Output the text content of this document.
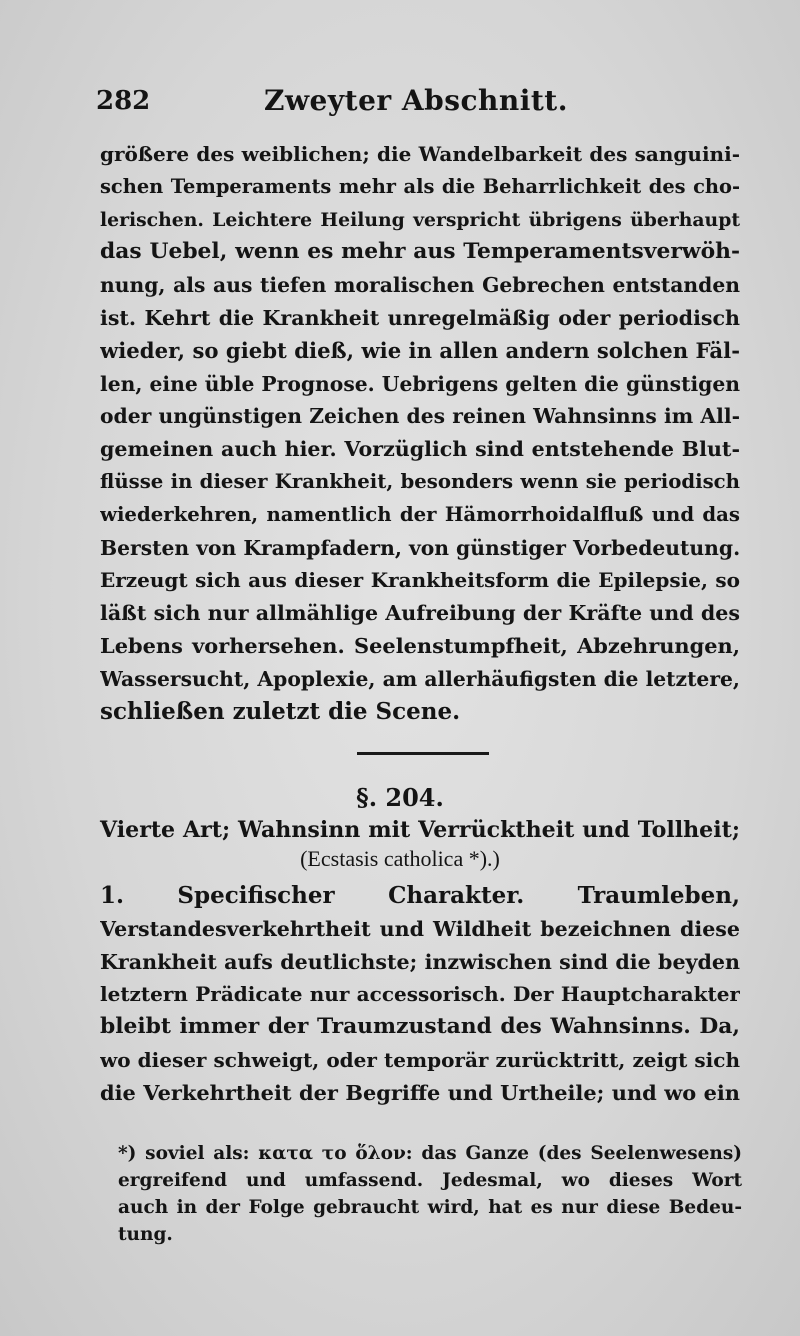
282	Zweyter Abschnitt.
größere des weiblichen; die Wandelbarkeit des sanguini-
schen Temperaments mehr als die Beharrlichkeit des cho-
lerischen. Leichtere Heilung verspricht übrigens überhaupt
das Uebel, wenn es mehr aus Temperamentsverwöh-
nung, als aus tiefen moralischen Gebrechen entstanden
ist. Kehrt die Krankheit unregelmäßig oder periodisch
wieder, so giebt dieß, wie in allen andern solchen Fäl-
len, eine üble Prognose. Uebrigens gelten die günstigen
oder ungünstigen Zeichen des reinen Wahnsinns im All-
gemeinen auch hier. Vorzüglich sind entstehende Blut-
flüsse in dieser Krankheit, besonders wenn sie periodisch
wiederkehren, namentlich der Hämorrhoidalfluß und das
Bersten von Krampfadern, von günstiger Vorbedeutung.
Erzeugt sich aus dieser Krankheitsform die Epilepsie, so
läßt sich nur allmählige Aufreibung der Kräfte und des
Lebens vorhersehen. Seelenstumpfheit, Abzehrungen,
Wassersucht, Apoplexie, am allerhäufigsten die letztere,
schließen zuletzt die Scene.
§. 204.
Vierte Art; Wahnsinn mit Verrücktheit und Tollheit;
(Ecstasis catholica *).)
1. Specifischer Charakter. Traumleben,
Verstandesverkehrtheit und Wildheit bezeichnen diese
Krankheit aufs deutlichste; inzwischen sind die beyden
letztern Prädicate nur accessorisch. Der Hauptcharakter
bleibt immer der Traumzustand des Wahnsinns. Da,
wo dieser schweigt, oder temporär zurücktritt, zeigt sich
die Verkehrtheit der Begriffe und Urtheile; und wo ein
*) soviel als: κατα το ὅλον: das Ganze (des Seelenwesens)
ergreifend und umfassend. Jedesmal, wo dieses Wort
auch in der Folge gebraucht wird, hat es nur diese Bedeu-
tung.
